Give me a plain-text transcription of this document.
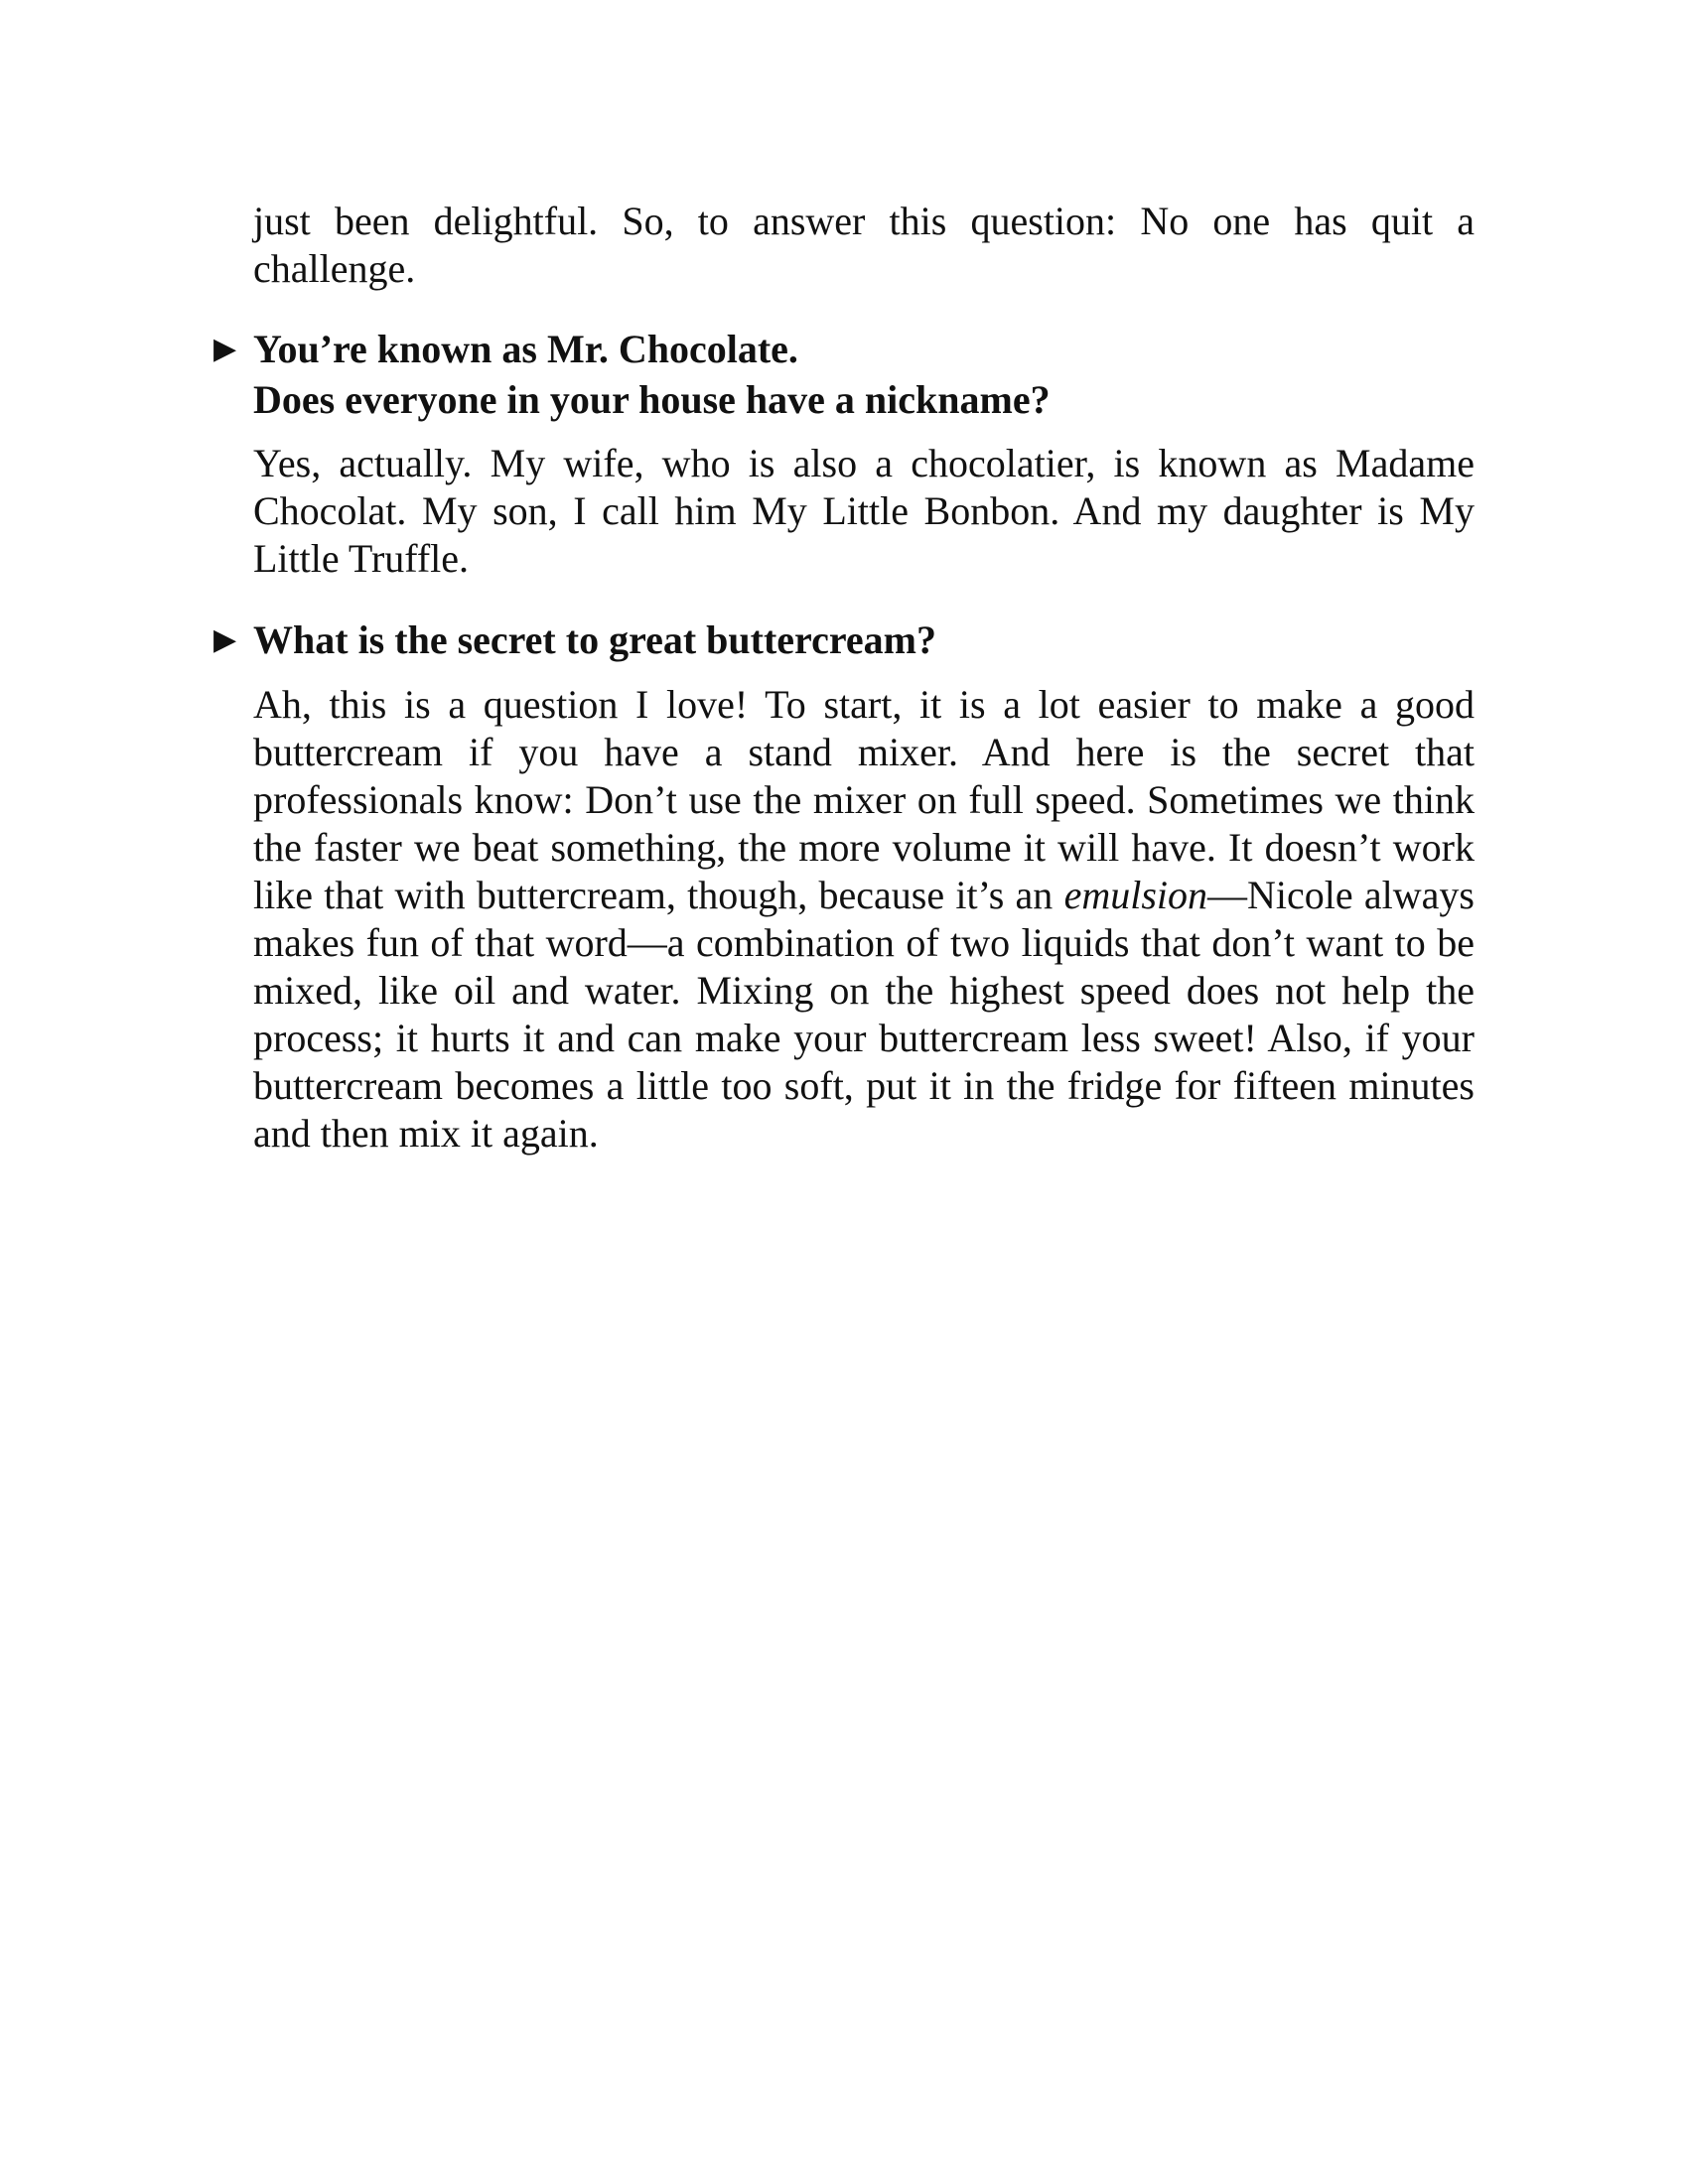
just been delightful. So, to answer this question: No one has quit a challenge.

▶ You’re known as Mr. Chocolate.
Does everyone in your house have a nickname?

Yes, actually. My wife, who is also a chocolatier, is known as Madame Chocolat. My son, I call him My Little Bonbon. And my daughter is My Little Truffle.

▶ What is the secret to great buttercream?

Ah, this is a question I love! To start, it is a lot easier to make a good buttercream if you have a stand mixer. And here is the secret that professionals know: Don’t use the mixer on full speed. Sometimes we think the faster we beat something, the more volume it will have. It doesn’t work like that with buttercream, though, because it’s an emulsion—Nicole always makes fun of that word—a combination of two liquids that don’t want to be mixed, like oil and water. Mixing on the highest speed does not help the process; it hurts it and can make your buttercream less sweet! Also, if your buttercream becomes a little too soft, put it in the fridge for fifteen minutes and then mix it again.
